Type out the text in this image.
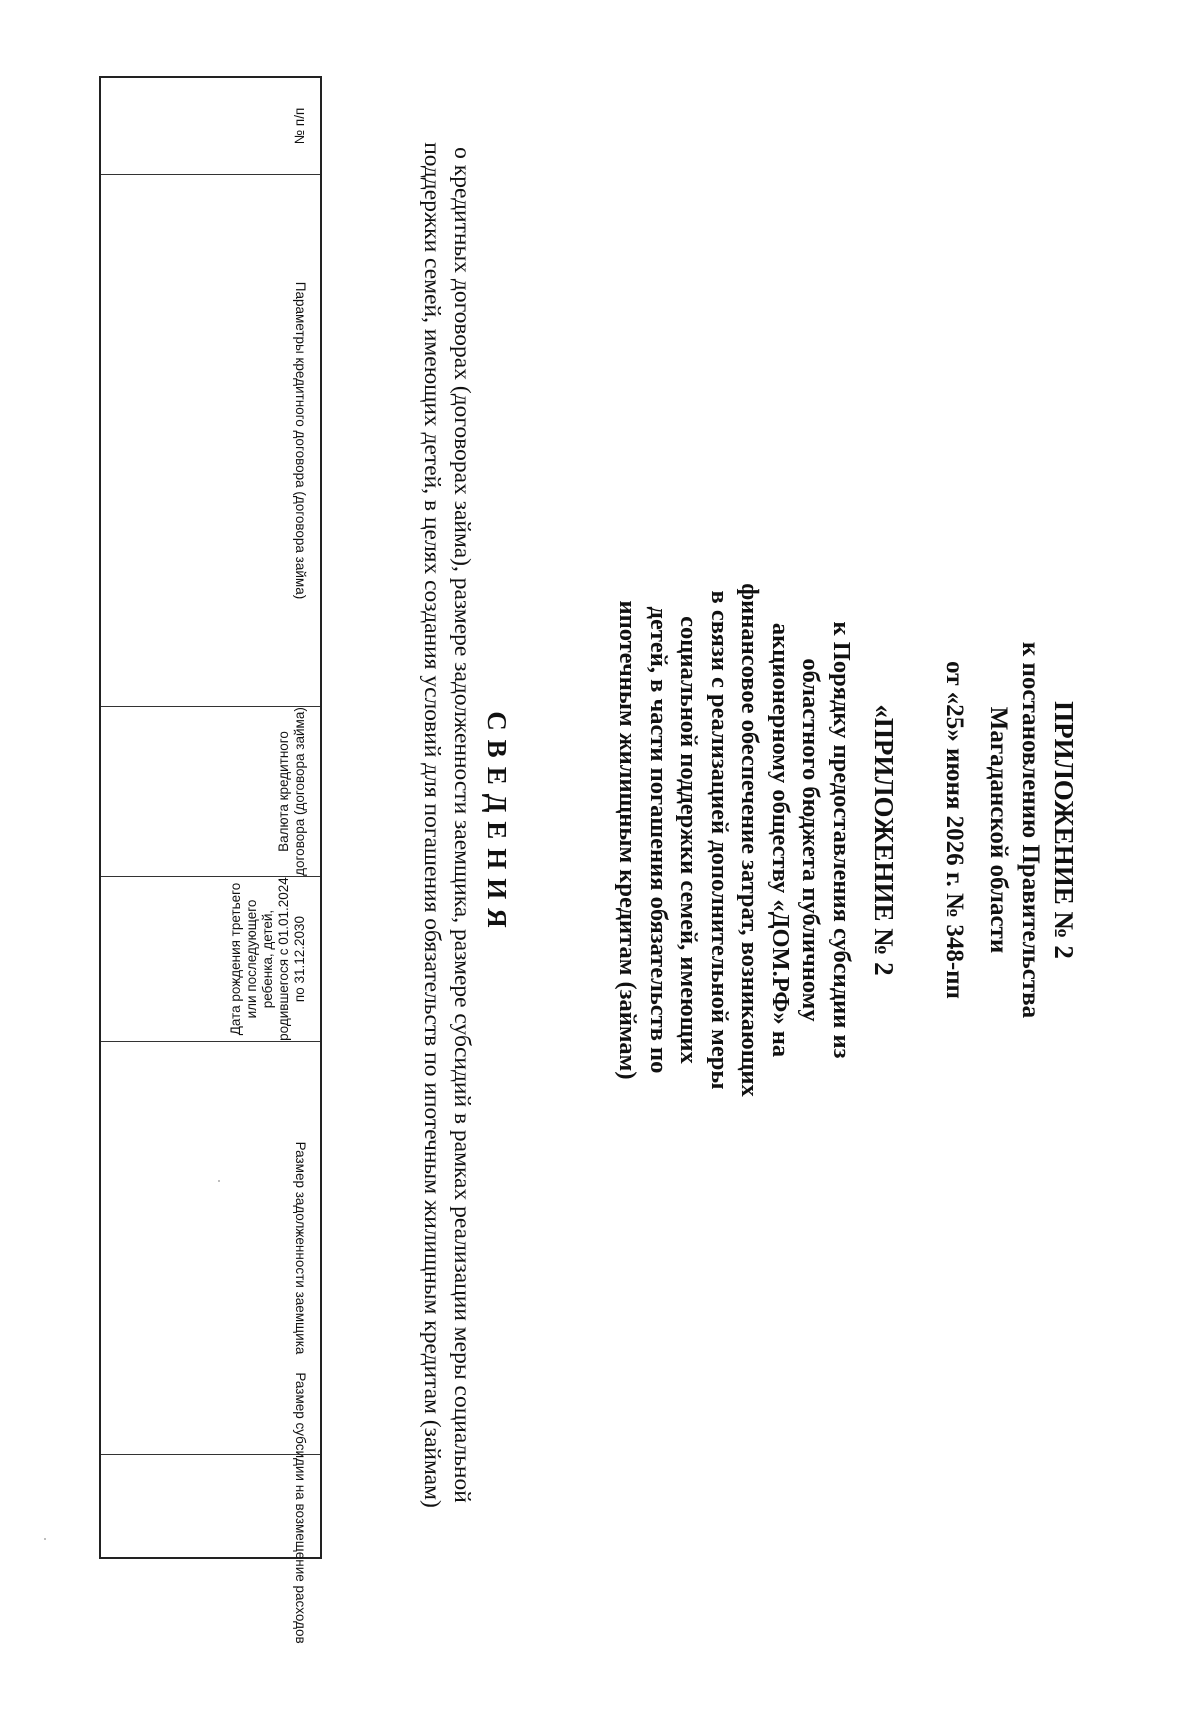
ПРИЛОЖЕНИЕ № 2
к постановлению Правительства
Магаданской области
от «25» июня 2026 г. № 348-пп
«ПРИЛОЖЕНИЕ № 2
к Порядку предоставления субсидии из областного бюджета публичному акционерному обществу «ДОМ.РФ» на финансовое обеспечение затрат, возникающих в связи с реализацией дополнительной меры социальной поддержки семей, имеющих детей, в части погашения обязательств по ипотечным жилищным кредитам (займам)
СВЕДЕНИЯ
о кредитных договорах (договорах займа), размере задолженности заемщика, размере субсидий в рамках реализации меры социальной поддержки семей, имеющих детей, в целях создания условий для погашения обязательств по ипотечным жилищным кредитам (займам)
№ п/п
Параметры кредитного договора (договора займа)
Валюта кредитного договора (договора займа)
Дата рождения третьего или последующего ребенка, детей, родившегося с 01.01.2024 по 31.12.2030
Размер задолженности заемщика
Размер субсидии на возмещение расходов
